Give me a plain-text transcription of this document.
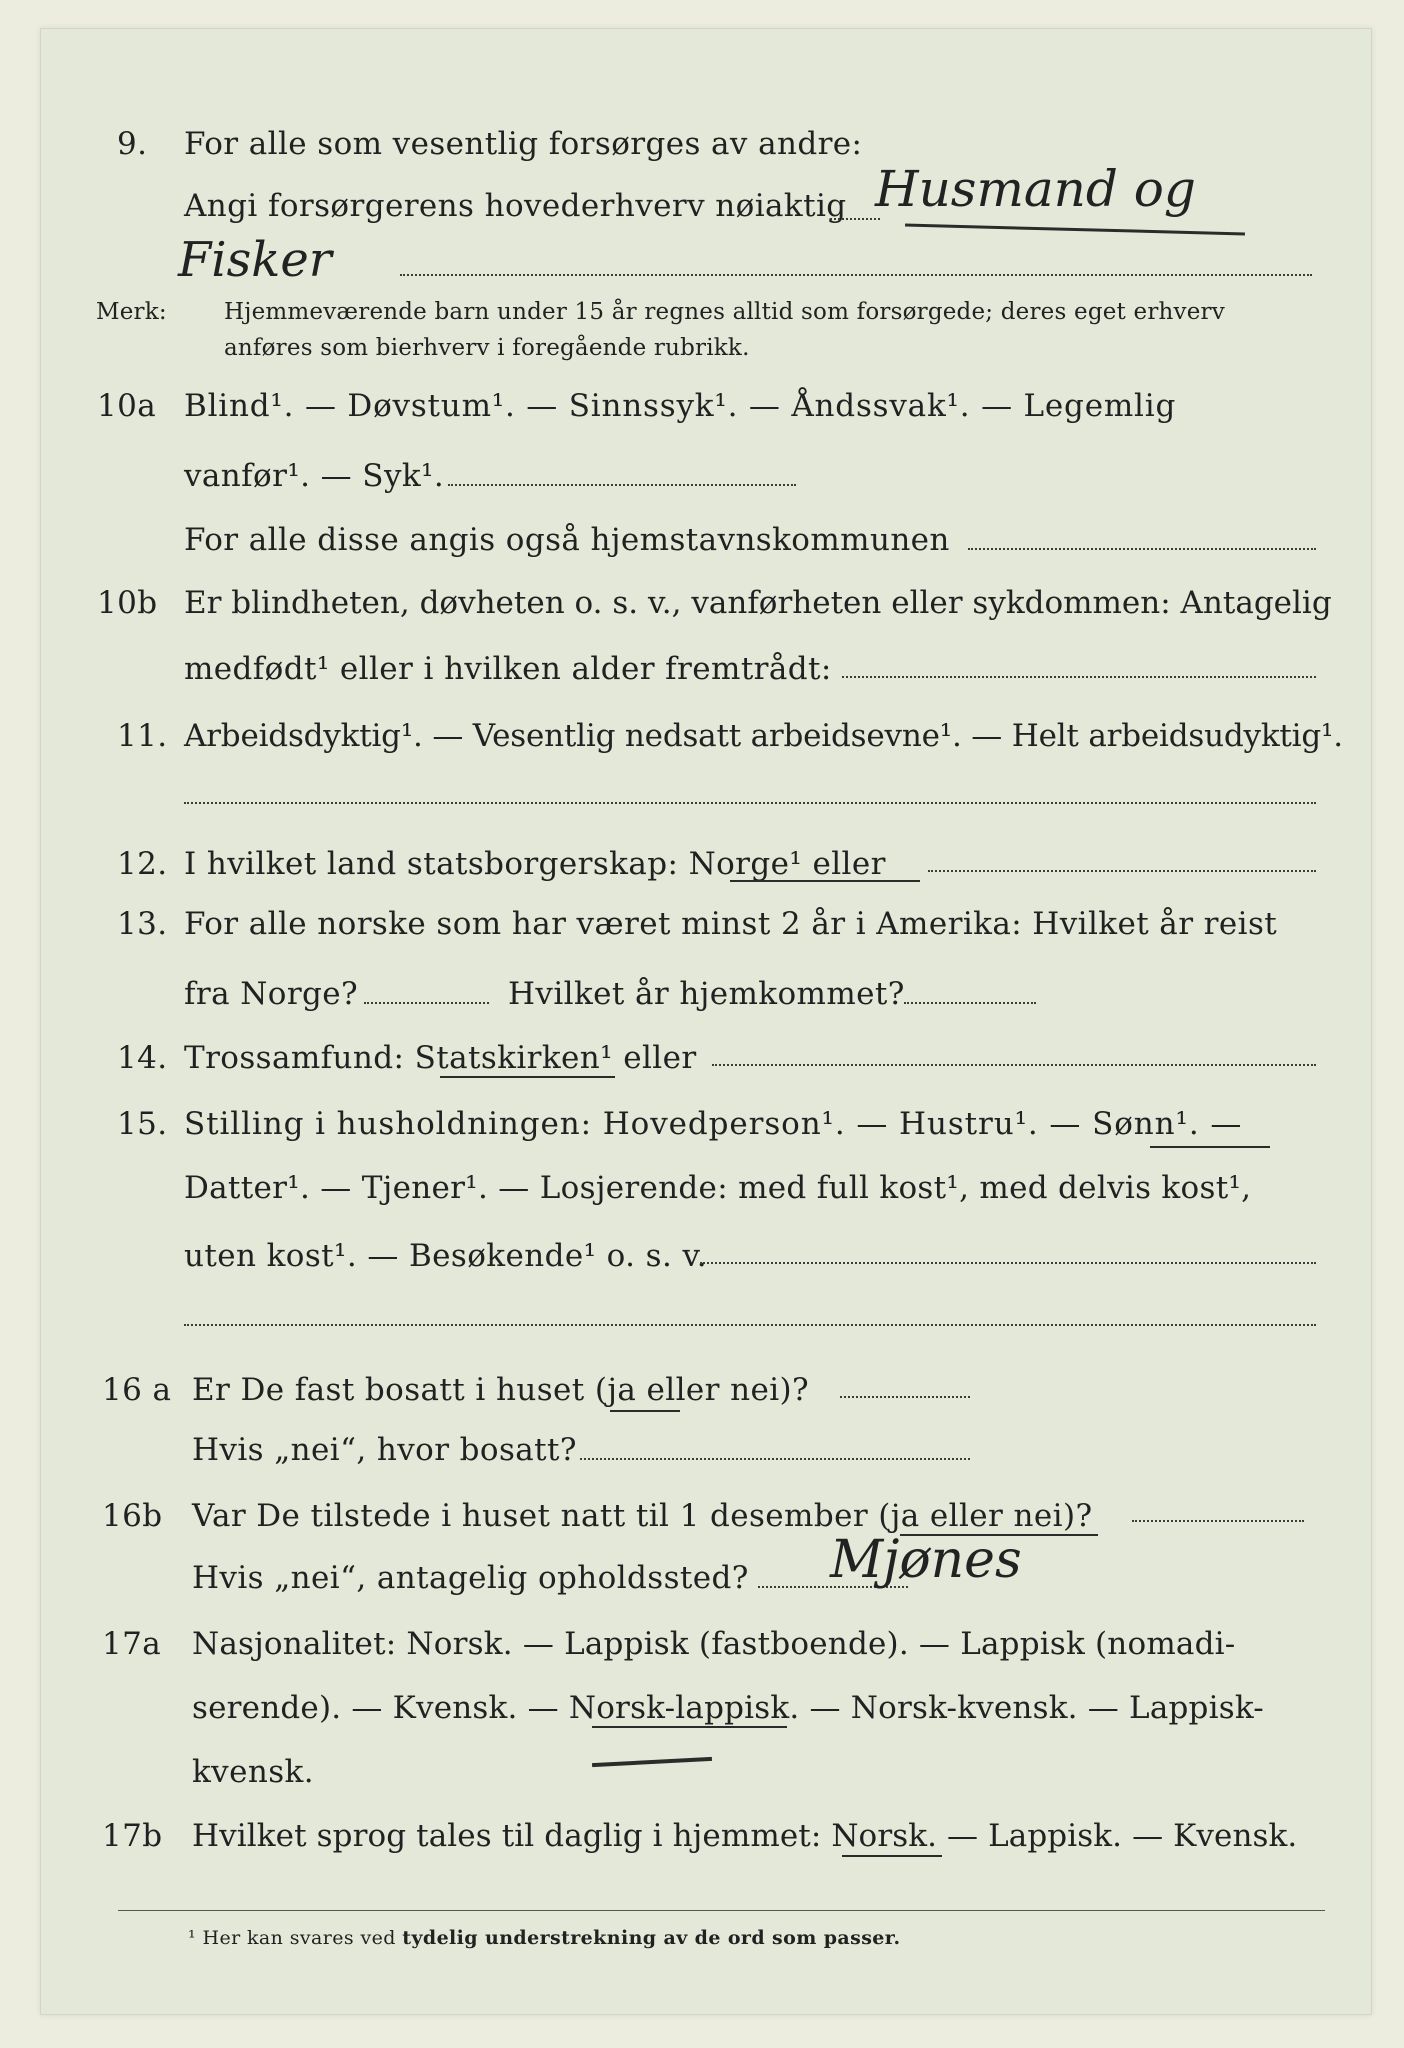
9. For alle som vesentlig forsørges av andre:
Angi forsørgerens hovederhverv nøiaktig Husmand og
Fisker
Merk: Hjemmeværende barn under 15 år regnes alltid som forsørgede; deres eget erhverv
anføres som bierhverv i foregående rubrikk.
10a Blind¹. — Døvstum¹. — Sinnssyk¹. — Åndssvak¹. — Legemlig
vanfør¹. — Syk¹.
For alle disse angis også hjemstavnskommunen
10b Er blindheten, døvheten o. s. v., vanførheten eller sykdommen: Antagelig
medfødt¹ eller i hvilken alder fremtrådt:
11. Arbeidsdyktig¹. — Vesentlig nedsatt arbeidsevne¹. — Helt arbeidsudyktig¹.
12. I hvilket land statsborgerskap: Norge¹ eller
13. For alle norske som har været minst 2 år i Amerika: Hvilket år reist
fra Norge?	Hvilket år hjemkommet?
14. Trossamfund: Statskirken¹ eller
15. Stilling i husholdningen: Hovedperson¹. — Hustru¹. — Sønn¹. —
Datter¹. — Tjener¹. — Losjerende: med full kost¹, med delvis kost¹,
uten kost¹. — Besøkende¹ o. s. v.
16 a Er De fast bosatt i huset (ja eller nei)?
Hvis „nei“, hvor bosatt?
16b Var De tilstede i huset natt til 1 desember (ja eller nei)?
Hvis „nei“, antagelig opholdssted? Mjønes
17a Nasjonalitet: Norsk. — Lappisk (fastboende). — Lappisk (nomadi-
serende). — Kvensk. — Norsk-lappisk. — Norsk-kvensk. — Lappisk-
kvensk.
17b Hvilket sprog tales til daglig i hjemmet: Norsk. — Lappisk. — Kvensk.
¹ Her kan svares ved tydelig understrekning av de ord som passer.
